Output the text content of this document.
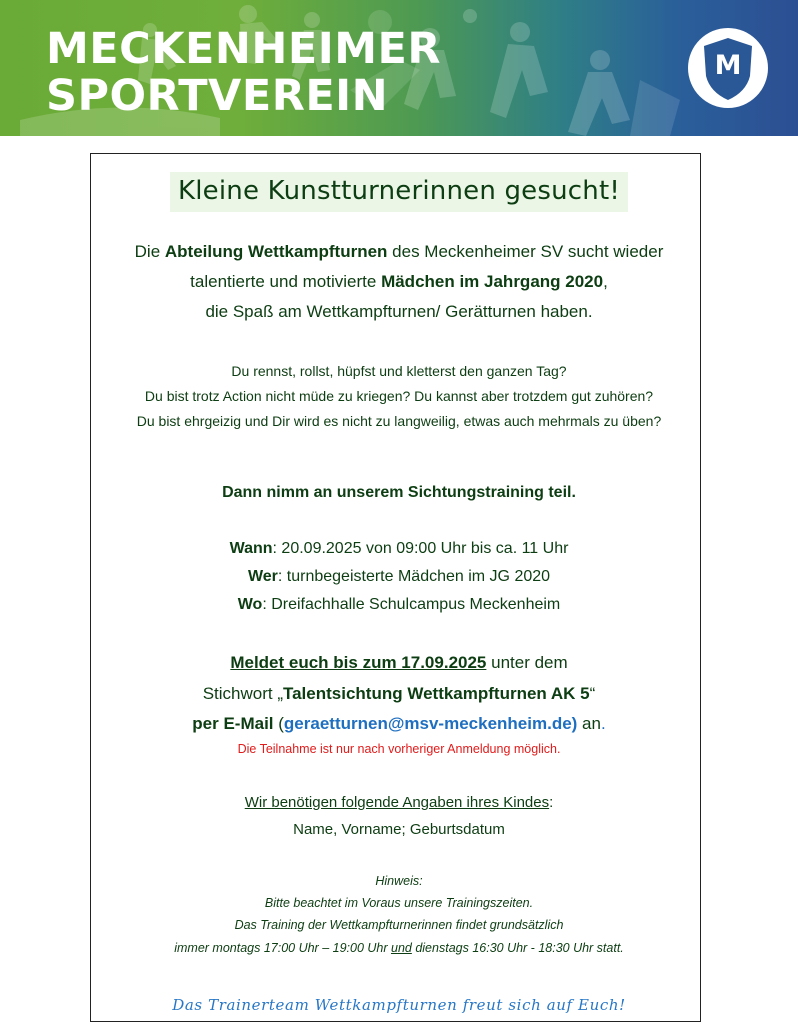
MECKENHEIMER
SPORTVEREIN
M
Kleine Kunstturnerinnen gesucht!
Die Abteilung Wettkampfturnen des Meckenheimer SV sucht wieder
talentierte und motivierte Mädchen im Jahrgang 2020,
die Spaß am Wettkampfturnen/ Gerätturnen haben.
Du rennst, rollst, hüpfst und kletterst den ganzen Tag?
Du bist trotz Action nicht müde zu kriegen? Du kannst aber trotzdem gut zuhören?
Du bist ehrgeizig und Dir wird es nicht zu langweilig, etwas auch mehrmals zu üben?
Dann nimm an unserem Sichtungstraining teil.
Wann: 20.09.2025 von 09:00 Uhr bis ca. 11 Uhr
Wer: turnbegeisterte Mädchen im JG 2020
Wo: Dreifachhalle Schulcampus Meckenheim
Meldet euch bis zum 17.09.2025 unter dem
Stichwort „Talentsichtung Wettkampfturnen AK 5“
per E-Mail (geraetturnen@msv-meckenheim.de) an.
Die Teilnahme ist nur nach vorheriger Anmeldung möglich.
Wir benötigen folgende Angaben ihres Kindes:
Name, Vorname; Geburtsdatum
Hinweis:
Bitte beachtet im Voraus unsere Trainingszeiten.
Das Training der Wettkampfturnerinnen findet grundsätzlich
immer montags 17:00 Uhr – 19:00 Uhr und dienstags 16:30 Uhr - 18:30 Uhr statt.
Das Trainerteam Wettkampfturnen freut sich auf Euch!
